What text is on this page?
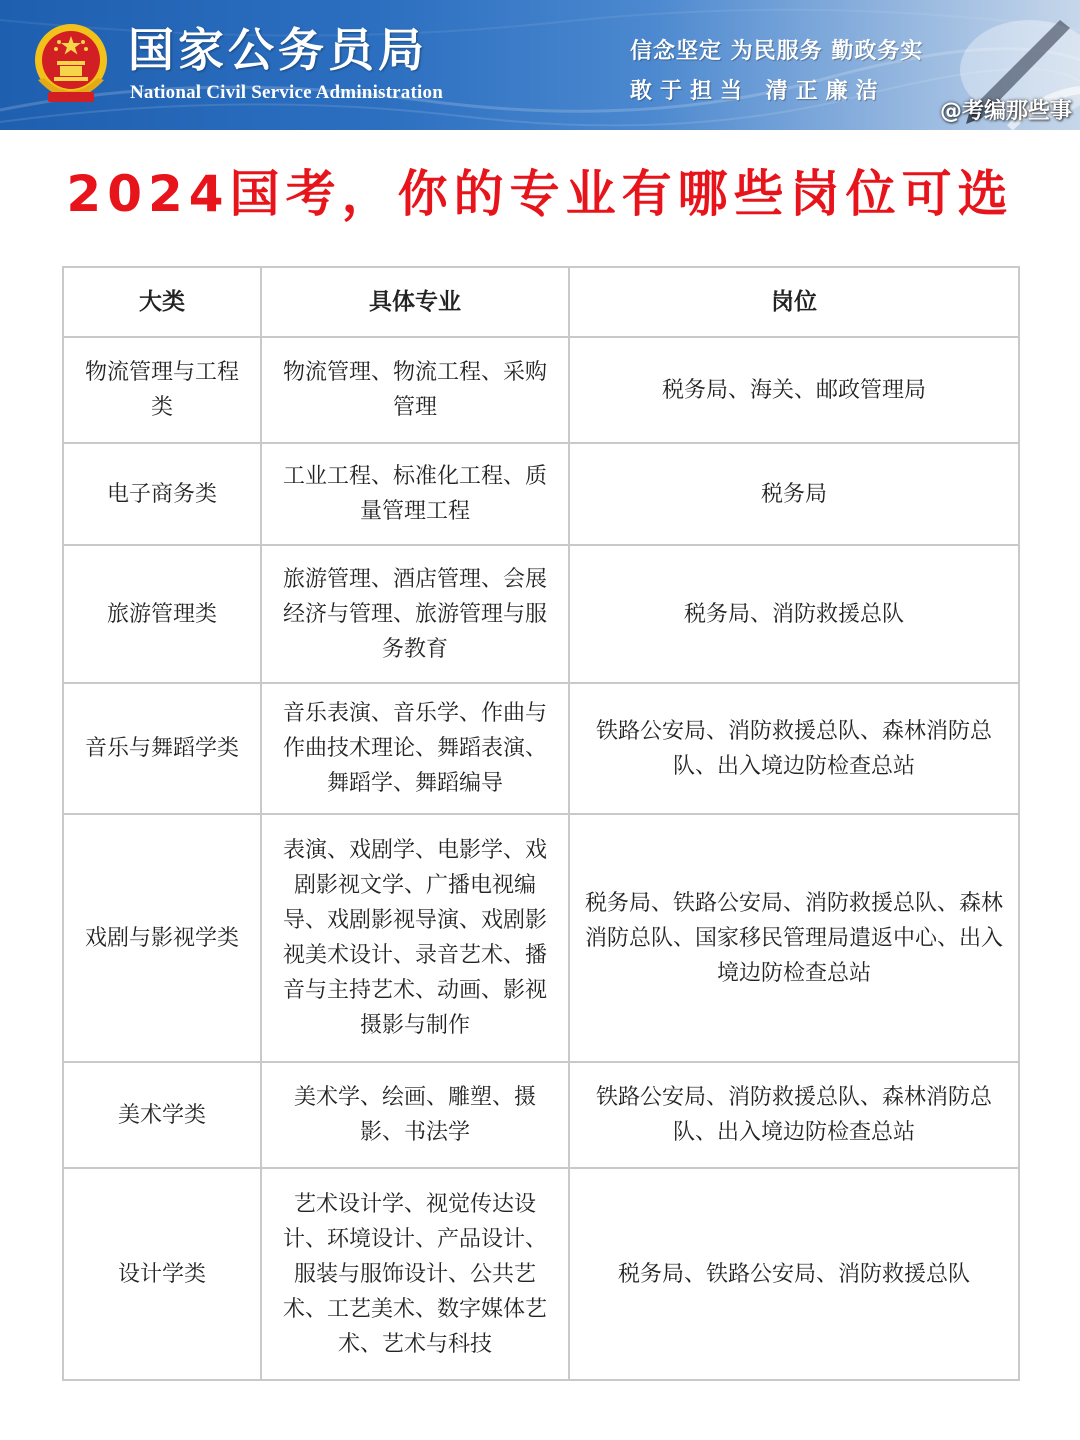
国家公务员局
National Civil Service Administration
信念坚定 为民服务 勤政务实
敢于担当 清正廉洁
@考编那些事
2024国考，你的专业有哪些岗位可选
大类	具体专业	岗位
物流管理与工程类	物流管理、物流工程、采购管理	税务局、海关、邮政管理局
电子商务类	工业工程、标准化工程、质量管理工程	税务局
旅游管理类	旅游管理、酒店管理、会展经济与管理、旅游管理与服务教育	税务局、消防救援总队
音乐与舞蹈学类	音乐表演、音乐学、作曲与作曲技术理论、舞蹈表演、舞蹈学、舞蹈编导	铁路公安局、消防救援总队、森林消防总队、出入境边防检查总站
戏剧与影视学类	表演、戏剧学、电影学、戏剧影视文学、广播电视编导、戏剧影视导演、戏剧影视美术设计、录音艺术、播音与主持艺术、动画、影视摄影与制作	税务局、铁路公安局、消防救援总队、森林消防总队、国家移民管理局遣返中心、出入境边防检查总站
美术学类	美术学、绘画、雕塑、摄影、书法学	铁路公安局、消防救援总队、森林消防总队、出入境边防检查总站
设计学类	艺术设计学、视觉传达设计、环境设计、产品设计、服装与服饰设计、公共艺术、工艺美术、数字媒体艺术、艺术与科技	税务局、铁路公安局、消防救援总队
